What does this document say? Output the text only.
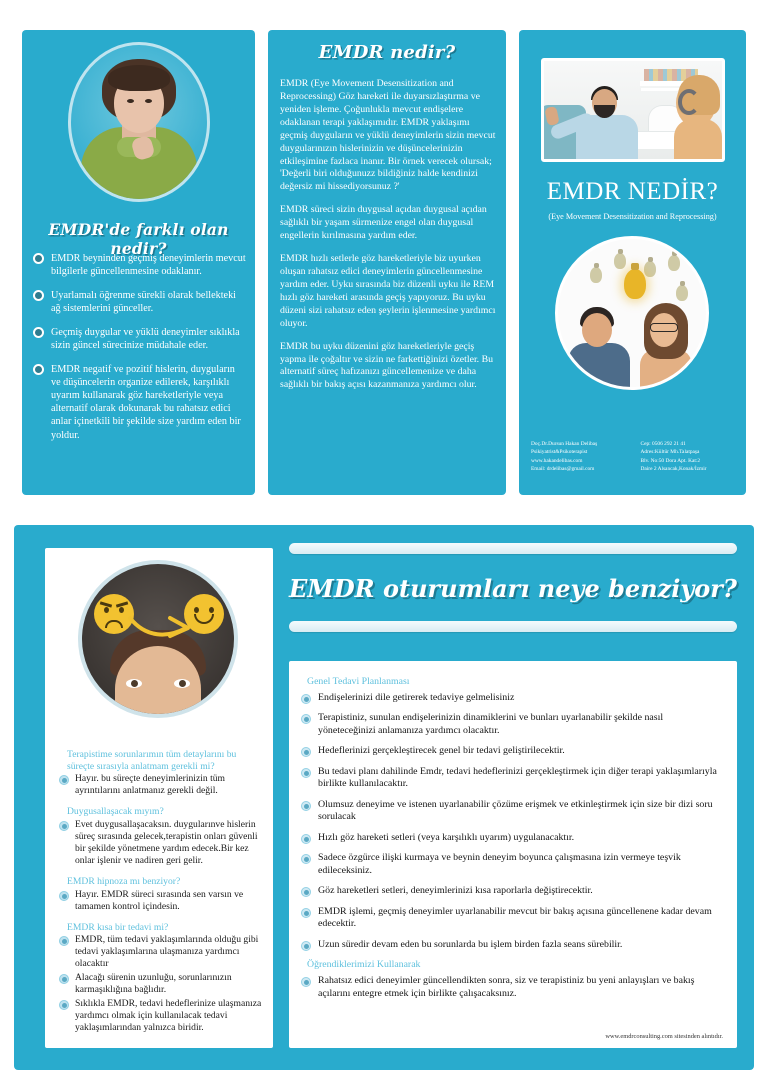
EMDR'de farklı olan nedir?
EMDR beyninden geçmiş deneyimlerin mevcut bilgilerle güncellenmesine odaklanır.
Uyarlamalı öğrenme sürekli olarak bellekteki ağ sistemlerini günceller.
Geçmiş duygular ve yüklü deneyimler sıklıkla sizin güncel sürecinize müdahale eder.
EMDR negatif ve pozitif hislerin, duyguların ve düşüncelerin organize edilerek, karşılıklı uyarım kullanarak göz hareketleriyle veya alternatif olarak dokunarak bu rahatsız edici anlar içinetkili bir şekilde size yardım eden bir yoldur.
EMDR nedir?

EMDR (Eye Movement Desensitization and Reprocessing) Göz hareketi ile duyarsızlaştırma ve yeniden işleme. Çoğunlukla mevcut endişelere odaklanan terapi yaklaşımıdır. EMDR yaklaşımı geçmiş duyguların ve yüklü deneyimlerin sizin mevcut duygularınızın hislerinizin ve düşüncelerinizin etkileşimine fazlaca inanır. Bir örnek verecek olursak; 'Değerli biri olduğunuzz bildiğiniz halde kendinizi değersiz mi hissediyorsunuz ?'

EMDR süreci sizin duygusal açıdan duygusal açıdan sağlıklı bir yaşam sürmenize engel olan duygusal engellerin kırılmasına yardım eder.

EMDR hızlı setlerle göz hareketleriyle biz uyurken oluşan rahatsız edici deneyimlerin güncellenmesine yardım eder. Uyku sırasında biz düzenli uyku ile REM hızlı göz hareketi arasında geçiş yapıyoruz. Bu uyku düzeni sizi rahatsız eden şeylerin işlenmesine yardımcı oluyor.

EMDR bu uyku düzenini göz hareketleriyle geçiş yapma ile çoğaltır ve sizin ne farkettiğinizi özetler. Bu alternatif süreç hafızanızı güncellemenize ve daha sağlıklı bir bakış açısı kazanmanıza yardımcı olur.

EMDR NEDİR?
(Eye Movement Desensitization and Reprocessing)
Doç.Dr.Dursun Hakan Delibaş
Psikiyatrist&Psikoterapist
www.hakandelibas.com
Email: drdelibas@gmail.com
Cep: 0506 292 21 41
Adres:Kültür Mh.Talatpaşa
Blv. No:50 Dora Apt. Kat:2
Daire 2 Alsancak,Konak/İzmir
Terapistime sorunlarımın tüm detaylarını bu süreçte sırasıyla anlatmam gerekli mi?
Hayır. bu süreçte deneyimlerinizin tüm ayrıntılarını anlatmanız gerekli değil.
Duygusallaşacak mıyım?
Evet duygusallaşacaksın. duygularınve hislerin süreç sırasında gelecek,terapistin onları güvenli bir şekilde yönetmene yardım edecek.Bir kez onlar işlenir ve nadiren geri gelir.
EMDR hipnoza mı benziyor?
Hayır. EMDR süreci sırasında sen varsın ve tamamen kontrol içindesin.
EMDR kısa bir tedavi mi?
EMDR, tüm tedavi yaklaşımlarında olduğu gibi tedavi yaklaşımlarına ulaşmanıza yardımcı olacaktır
Alacağı sürenin uzunluğu, sorunlarınızın karmaşıklığına bağlıdır.
Sıklıkla EMDR, tedavi hedeflerinize ulaşmanıza yardımcı olmak için kullanılacak tedavi yaklaşımlarından yalnızca biridir.
EMDR oturumları neye benziyor?
Genel Tedavi Planlanması
Endişelerinizi dile getirerek tedaviye gelmelisiniz
Terapistiniz, sunulan endişelerinizin dinamiklerini ve bunları uyarlanabilir şekilde nasıl yöneteceğinizi anlamanıza yardımcı olacaktır.
Hedeflerinizi gerçekleştirecek genel bir tedavi geliştirilecektir.
Bu tedavi planı dahilinde Emdr, tedavi hedeflerinizi gerçekleştirmek için diğer terapi yaklaşımlarıyla birlikte kullanılacaktır.
Olumsuz deneyime ve istenen uyarlanabilir çözüme erişmek ve etkinleştirmek için size bir dizi soru sorulacak
Hızlı göz hareketi setleri (veya karşılıklı uyarım) uygulanacaktır.
Sadece özgürce ilişki kurmaya ve beynin deneyim boyunca çalışmasına izin vermeye teşvik edileceksiniz.
Göz hareketleri setleri, deneyimlerinizi kısa raporlarla değiştirecektir.
EMDR işlemi, geçmiş deneyimler uyarlanabilir mevcut bir bakış açısına güncellenene kadar devam edecektir.
Uzun süredir devam eden bu sorunlarda bu işlem birden fazla seans sürebilir.
Öğrendiklerimizi Kullanarak
Rahatsız edici deneyimler güncellendikten sonra, siz ve terapistiniz bu yeni anlayışları ve bakış açılarını entegre etmek için birlikte çalışacaksınız.
www.emdrconsulting.com sitesinden alıntıdır.
